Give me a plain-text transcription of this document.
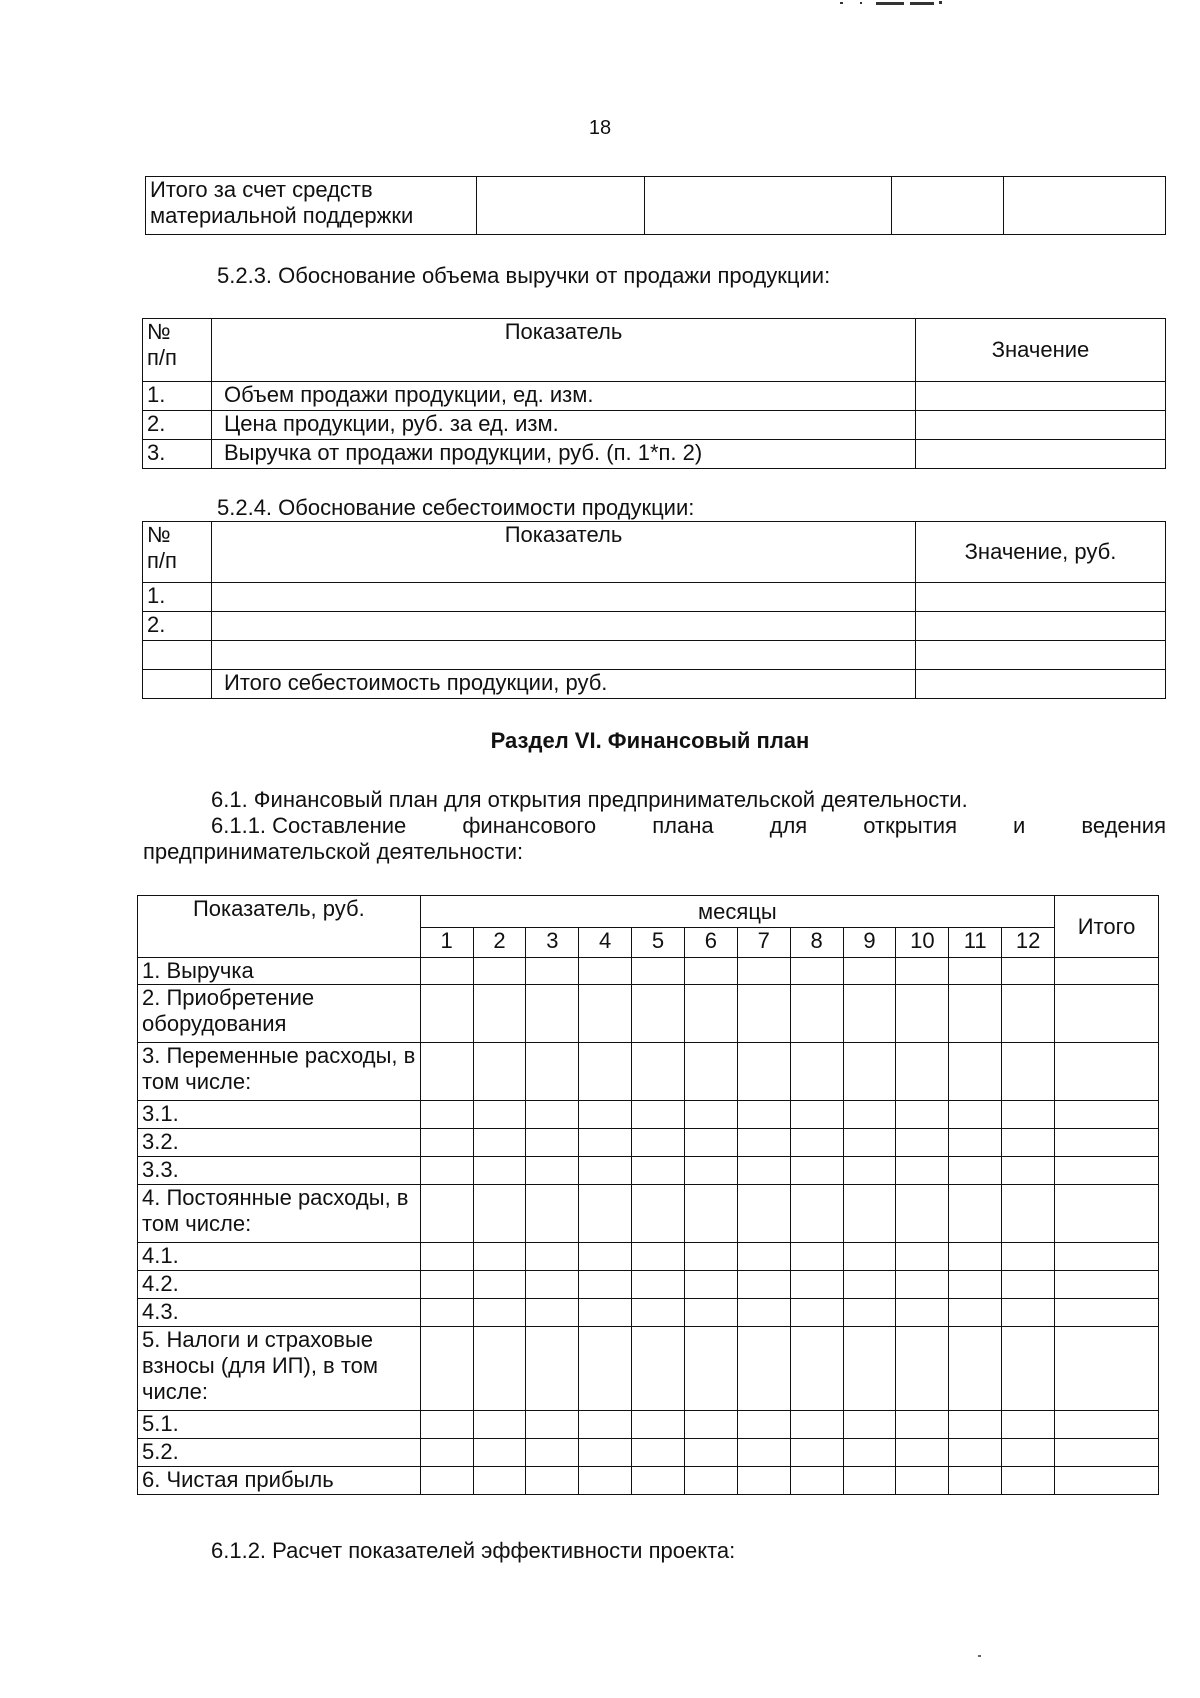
18
Итого за счет средств
материальной поддержки

5.2.3. Обоснование объема выручки от продажи продукции:
№
п/п	Показатель	Значение
1.	Объем продажи продукции, ед. изм.	
2.	Цена продукции, руб. за ед. изм.	
3.	Выручка от продажи продукции, руб. (п. 1*п. 2)	
5.2.4. Обоснование себестоимости продукции:
№
п/п	Показатель	Значение, руб.
1.		
2.		

	Итого себестоимость продукции, руб.	
Раздел VI. Финансовый план
6.1. Финансовый план для открытия предпринимательской деятельности.
6.1.1. Составление	финансового	плана	для	открытия	и	ведения
предпринимательской деятельности:
Показатель, руб.	месяцы												Итого
	1	2	3	4	5	6	7	8	9	10	11	12	
1. Выручка													
2. Приобретение оборудования													
3. Переменные расходы, в том числе:													
3.1.													
3.2.													
3.3.													
4. Постоянные расходы, в том числе:													
4.1.													
4.2.													
4.3.													
5. Налоги и страховые взносы (для ИП), в том числе:													
5.1.													
5.2.													
6. Чистая прибыль													
6.1.2. Расчет показателей эффективности проекта:
